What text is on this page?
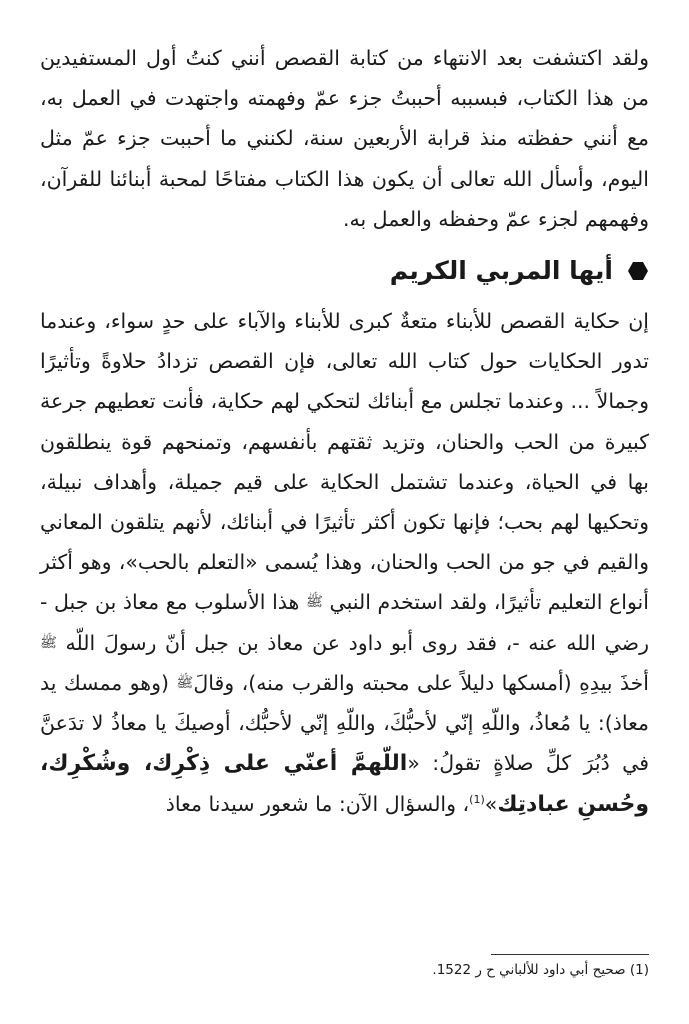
ولقد اكتشفت بعد الانتهاء من كتابة القصص أنني كنتُ أول المستفيدين من هذا الكتاب، فبسببه أحببتُ جزء عمّ وفهمته واجتهدت في العمل به، مع أنني حفظته منذ قرابة الأربعين سنة، لكنني ما أحببت جزء عمّ مثل اليوم، وأسأل الله تعالى أن يكون هذا الكتاب مفتاحًا لمحبة أبنائنا للقرآن، وفهمهم لجزء عمّ وحفظه والعمل به.

أيها المربي الكريم

إن حكاية القصص للأبناء متعةٌ كبرى للأبناء والآباء على حدٍ سواء، وعندما تدور الحكايات حول كتاب الله تعالى، فإن القصص تزدادُ حلاوةً وتأثيرًا وجمالاً ... وعندما تجلس مع أبنائك لتحكي لهم حكاية، فأنت تعطيهم جرعة كبيرة من الحب والحنان، وتزيد ثقتهم بأنفسهم، وتمنحهم قوة ينطلقون بها في الحياة، وعندما تشتمل الحكاية على قيم جميلة، وأهداف نبيلة، وتحكيها لهم بحب؛ فإنها تكون أكثر تأثيرًا في أبنائك، لأنهم يتلقون المعاني والقيم في جو من الحب والحنان، وهذا يُسمى «التعلم بالحب»، وهو أكثر أنواع التعليم تأثيرًا، ولقد استخدم النبي ﷺ هذا الأسلوب مع معاذ بن جبل - رضي الله عنه -، فقد روى أبو داود عن معاذ بن جبل أنّ رسولَ اللّه ﷺ أخذَ بيدِهِ (أمسكها دليلاً على محبته والقرب منه)، وقالَﷺ (وهو ممسك يد معاذ): يا مُعاذُ، واللّهِ إنّي لأحبُّكَ، واللّهِ إنّي لأحبُّك، أوصيكَ يا معاذُ لا تدَعنَّ في دُبُرَ كلِّ صلاةٍ تقولُ: «اللّهمَّ أعنّي على ذِكْرِك، وشُكْرِك، وحُسنِ عبادتِك»$^{(1)}$، والسؤال الآن: ما شعور سيدنا معاذ

(1) صحيح أبي داود للألباني ح ر 1522.
